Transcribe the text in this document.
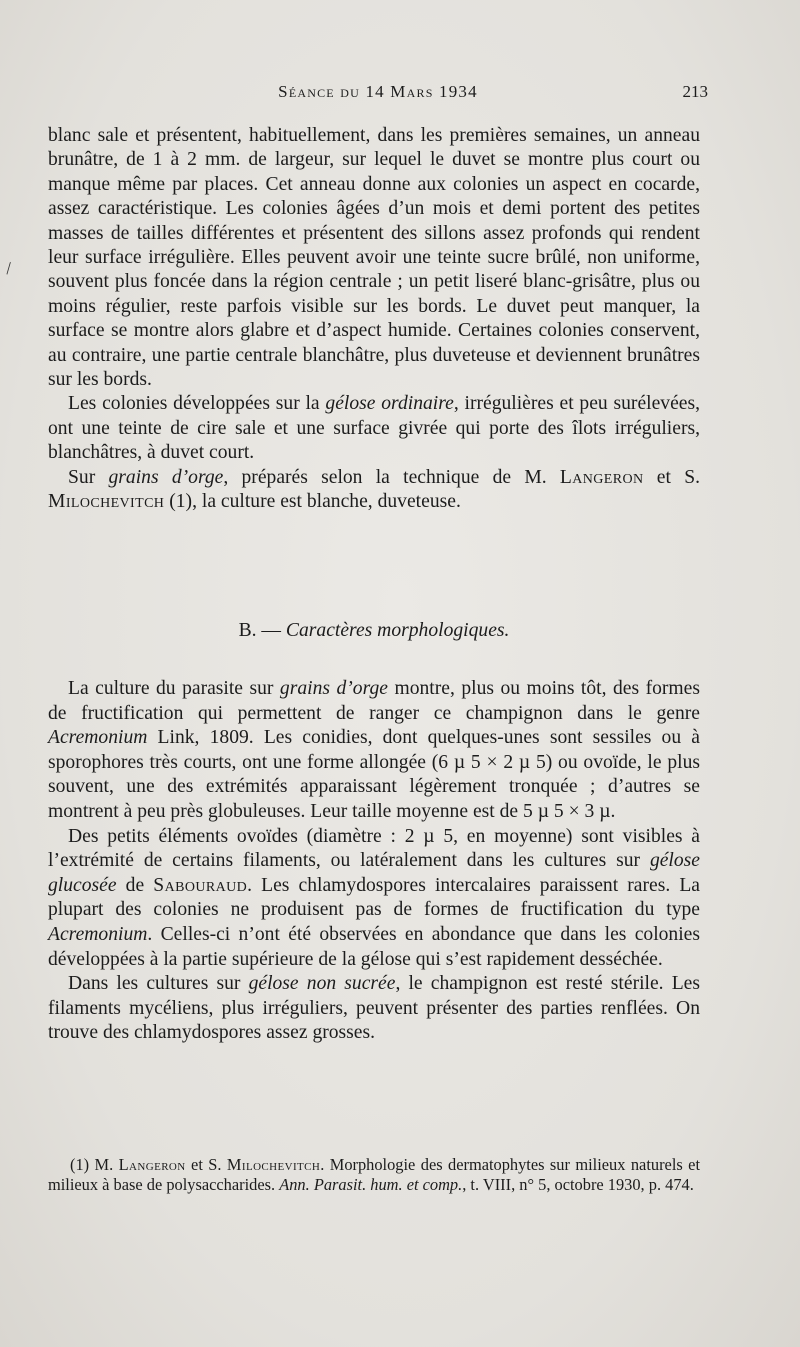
Séance du 14 Mars 1934	213
\

blanc sale et présentent, habituellement, dans les premières semaines, un anneau brunâtre, de 1 à 2 mm. de largeur, sur lequel le duvet se montre plus court ou manque même par places. Cet anneau donne aux colonies un aspect en cocarde, assez caractéristique. Les colonies âgées d’un mois et demi portent des petites masses de tailles différentes et présentent des sillons assez profonds qui rendent leur surface irrégulière. Elles peuvent avoir une teinte sucre brûlé, non uniforme, souvent plus foncée dans la région centrale ; un petit liseré blanc-grisâtre, plus ou moins régulier, reste parfois visible sur les bords. Le duvet peut manquer, la surface se montre alors glabre et d’aspect humide. Certaines colonies conservent, au contraire, une partie centrale blanchâtre, plus duveteuse et deviennent brunâtres sur les bords.

Les colonies développées sur la gélose ordinaire, irrégulières et peu surélevées, ont une teinte de cire sale et une surface givrée qui porte des îlots irréguliers, blanchâtres, à duvet court.

Sur grains d’orge, préparés selon la technique de M. Langeron et S. Milochevitch (1), la culture est blanche, duveteuse.

B. — Caractères morphologiques.

La culture du parasite sur grains d’orge montre, plus ou moins tôt, des formes de fructification qui permettent de ranger ce champignon dans le genre Acremonium Link, 1809. Les conidies, dont quelques-unes sont sessiles ou à sporophores très courts, ont une forme allongée (6 µ 5 × 2 µ 5) ou ovoïde, le plus souvent, une des extrémités apparaissant légèrement tronquée ; d’autres se montrent à peu près globuleuses. Leur taille moyenne est de 5 µ 5 × 3 µ.

Des petits éléments ovoïdes (diamètre : 2 µ 5, en moyenne) sont visibles à l’extrémité de certains filaments, ou latéralement dans les cultures sur gélose glucosée de Sabouraud. Les chlamydospores intercalaires paraissent rares. La plupart des colonies ne produisent pas de formes de fructification du type Acremonium. Celles-ci n’ont été observées en abondance que dans les colonies développées à la partie supérieure de la gélose qui s’est rapidement desséchée.

Dans les cultures sur gélose non sucrée, le champignon est resté stérile. Les filaments mycéliens, plus irréguliers, peuvent présenter des parties renflées. On trouve des chlamydospores assez grosses.

(1) M. Langeron et S. Milochevitch. Morphologie des dermatophytes sur milieux naturels et milieux à base de polysaccharides. Ann. Parasit. hum. et comp., t. VIII, n° 5, octobre 1930, p. 474.
